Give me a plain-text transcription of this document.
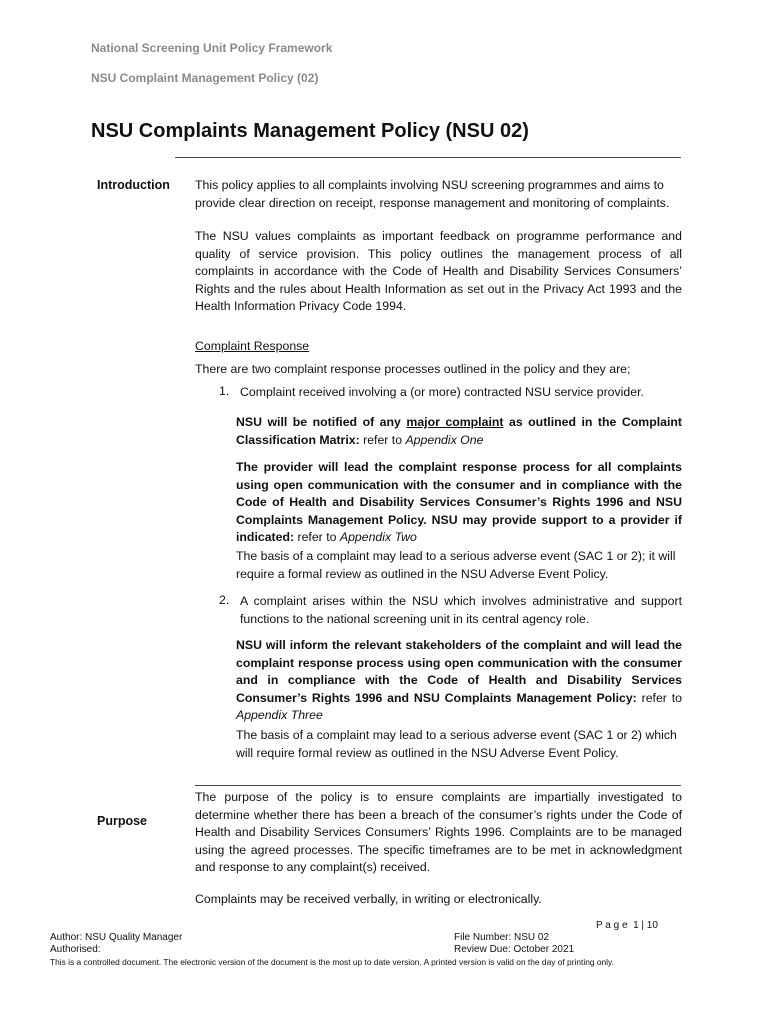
National Screening Unit Policy Framework
NSU Complaint Management Policy (02)
NSU Complaints Management Policy (NSU 02)
Introduction This policy applies to all complaints involving NSU screening programmes and aims to provide clear direction on receipt, response management and monitoring of complaints.
The NSU values complaints as important feedback on programme performance and quality of service provision. This policy outlines the management process of all complaints in accordance with the Code of Health and Disability Services Consumers’ Rights and the rules about Health Information as set out in the Privacy Act 1993 and the Health Information Privacy Code 1994.
Complaint Response
There are two complaint response processes outlined in the policy and they are;
1. Complaint received involving a (or more) contracted NSU service provider.
NSU will be notified of any major complaint as outlined in the Complaint Classification Matrix: refer to Appendix One
The provider will lead the complaint response process for all complaints using open communication with the consumer and in compliance with the Code of Health and Disability Services Consumer’s Rights 1996 and NSU Complaints Management Policy. NSU may provide support to a provider if indicated: refer to Appendix Two
The basis of a complaint may lead to a serious adverse event (SAC 1 or 2); it will require a formal review as outlined in the NSU Adverse Event Policy.
2. A complaint arises within the NSU which involves administrative and support functions to the national screening unit in its central agency role.
NSU will inform the relevant stakeholders of the complaint and will lead the complaint response process using open communication with the consumer and in compliance with the Code of Health and Disability Services Consumer’s Rights 1996 and NSU Complaints Management Policy: refer to Appendix Three
The basis of a complaint may lead to a serious adverse event (SAC 1 or 2) which will require formal review as outlined in the NSU Adverse Event Policy.
Purpose
The purpose of the policy is to ensure complaints are impartially investigated to determine whether there has been a breach of the consumer’s rights under the Code of Health and Disability Services Consumers’ Rights 1996. Complaints are to be managed using the agreed processes. The specific timeframes are to be met in acknowledgment and response to any complaint(s) received.
Complaints may be received verbally, in writing or electronically.
P a g e  1 | 10
Author: NSU Quality Manager
Authorised:
File Number: NSU 02
Review Due: October 2021
This is a controlled document. The electronic version of the document is the most up to date version. A printed version is valid on the day of printing only.
